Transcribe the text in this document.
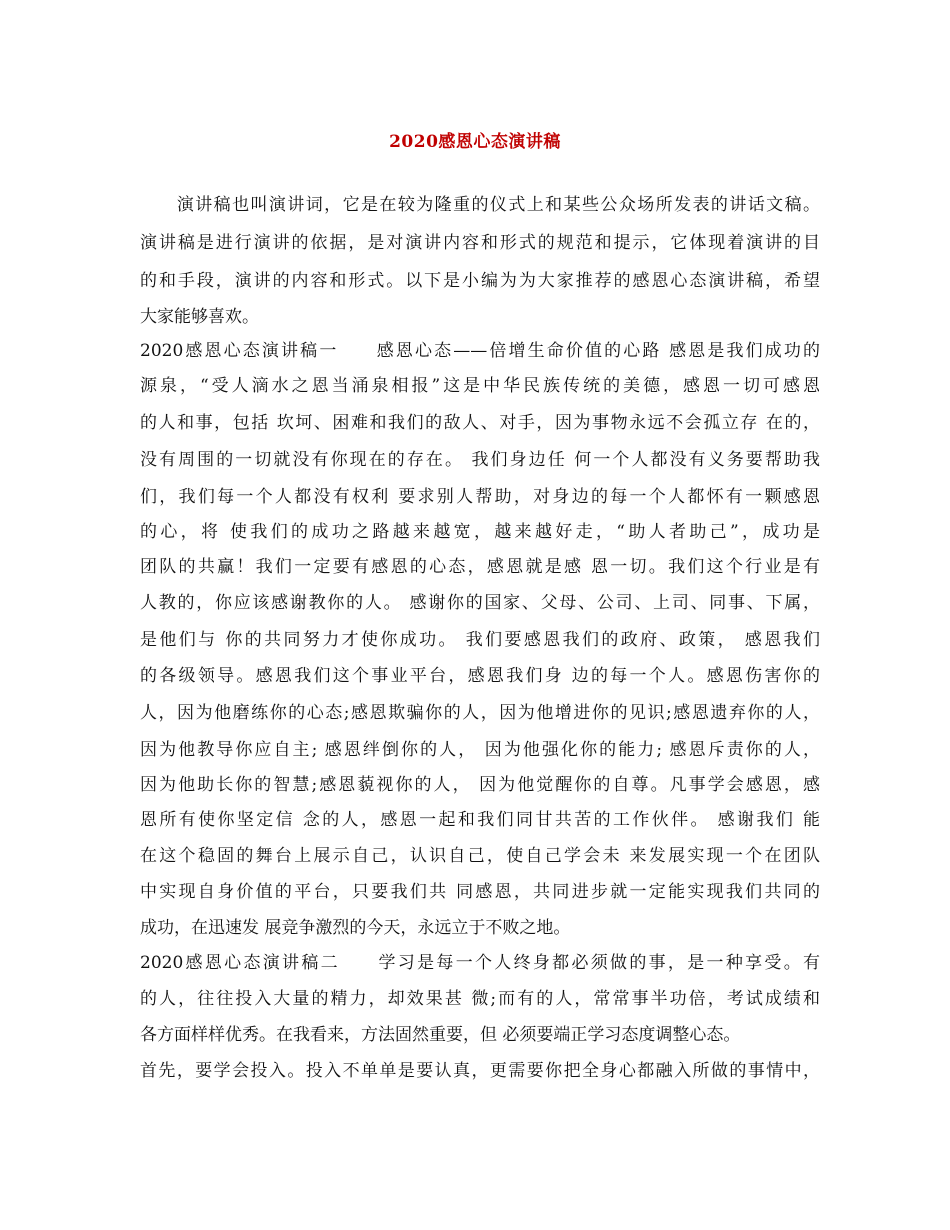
2020感恩心态演讲稿
　　演讲稿也叫演讲词，它是在较为隆重的仪式上和某些公众场所发表的讲话文稿。
演讲稿是进行演讲的依据，是对演讲内容和形式的规范和提示，它体现着演讲的目
的和手段，演讲的内容和形式。以下是小编为为大家推荐的感恩心态演讲稿，希望
大家能够喜欢。
2020感恩心态演讲稿一　　感恩心态——倍增生命价值的心路 感恩是我们成功的
源泉，“受人滴水之恩当涌泉相报”这是中华民族传统的美德，感恩一切可感恩
的人和事，包括 坎坷、困难和我们的敌人、对手，因为事物永远不会孤立存 在的，
没有周围的一切就没有你现在的存在。 我们身边任 何一个人都没有义务要帮助我
们，我们每一个人都没有权利 要求别人帮助，对身边的每一个人都怀有一颗感恩
的心，将 使我们的成功之路越来越宽，越来越好走，“助人者助己”，成功是
团队的共赢！我们一定要有感恩的心态，感恩就是感 恩一切。我们这个行业是有
人教的，你应该感谢教你的人。 感谢你的国家、父母、公司、上司、同事、下属，
是他们与 你的共同努力才使你成功。 我们要感恩我们的政府、政策， 感恩我们
的各级领导。感恩我们这个事业平台，感恩我们身 边的每一个人。感恩伤害你的
人，因为他磨练你的心态;感恩欺骗你的人，因为他增进你的见识;感恩遗弃你的人，
因为他教导你应自主; 感恩绊倒你的人， 因为他强化你的能力; 感恩斥责你的人，
因为他助长你的智慧;感恩藐视你的人， 因为他觉醒你的自尊。凡事学会感恩，感
恩所有使你坚定信 念的人，感恩一起和我们同甘共苦的工作伙伴。 感谢我们 能
在这个稳固的舞台上展示自己，认识自己，使自己学会未 来发展实现一个在团队
中实现自身价值的平台，只要我们共 同感恩，共同进步就一定能实现我们共同的
成功，在迅速发 展竞争激烈的今天，永远立于不败之地。
2020感恩心态演讲稿二　　学习是每一个人终身都必须做的事，是一种享受。有
的人，往往投入大量的精力，却效果甚 微;而有的人，常常事半功倍，考试成绩和
各方面样样优秀。在我看来，方法固然重要，但 必须要端正学习态度调整心态。
首先，要学会投入。投入不单单是要认真，更需要你把全身心都融入所做的事情中，
